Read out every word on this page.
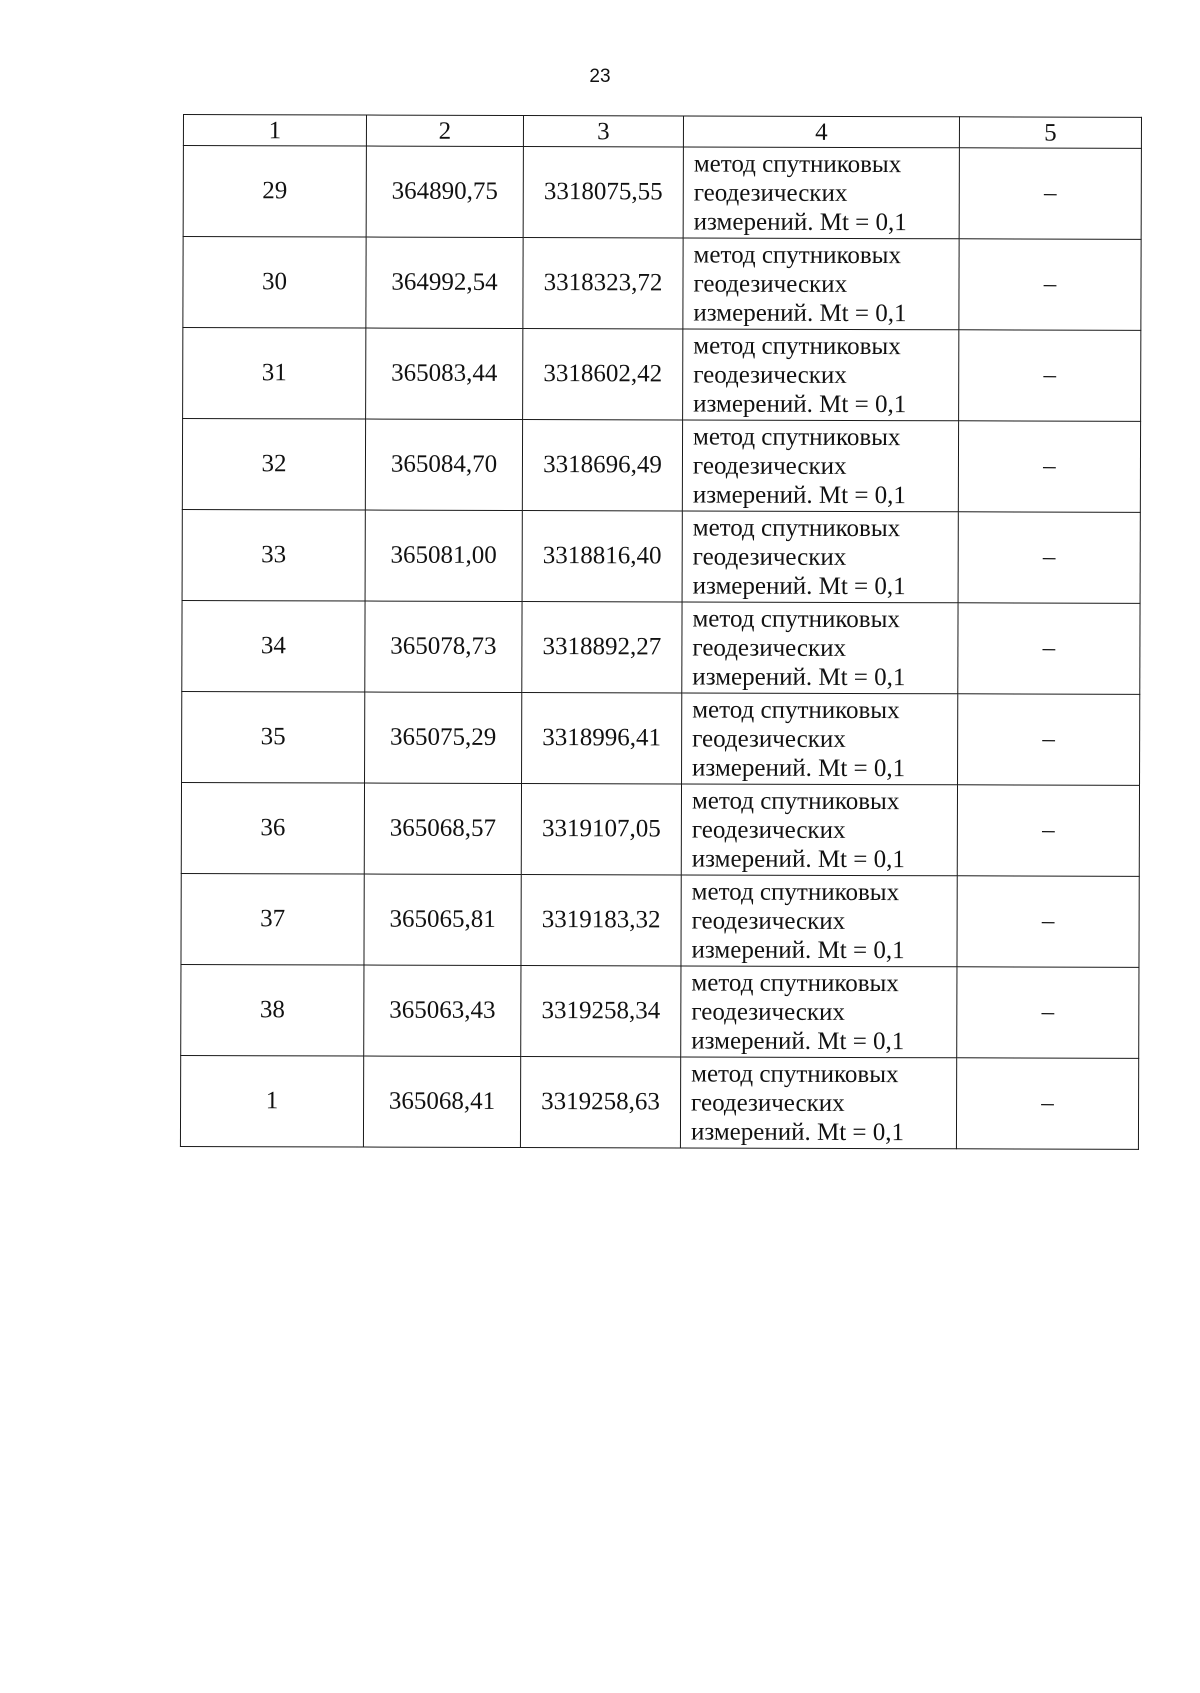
23
1	2	3	4	5
29	364890,75	3318075,55	метод спутниковых
геодезических
измерений. Mt = 0,1	–
30	364992,54	3318323,72	метод спутниковых
геодезических
измерений. Mt = 0,1	–
31	365083,44	3318602,42	метод спутниковых
геодезических
измерений. Mt = 0,1	–
32	365084,70	3318696,49	метод спутниковых
геодезических
измерений. Mt = 0,1	–
33	365081,00	3318816,40	метод спутниковых
геодезических
измерений. Mt = 0,1	–
34	365078,73	3318892,27	метод спутниковых
геодезических
измерений. Mt = 0,1	–
35	365075,29	3318996,41	метод спутниковых
геодезических
измерений. Mt = 0,1	–
36	365068,57	3319107,05	метод спутниковых
геодезических
измерений. Mt = 0,1	–
37	365065,81	3319183,32	метод спутниковых
геодезических
измерений. Mt = 0,1	–
38	365063,43	3319258,34	метод спутниковых
геодезических
измерений. Mt = 0,1	–
1	365068,41	3319258,63	метод спутниковых
геодезических
измерений. Mt = 0,1	–
